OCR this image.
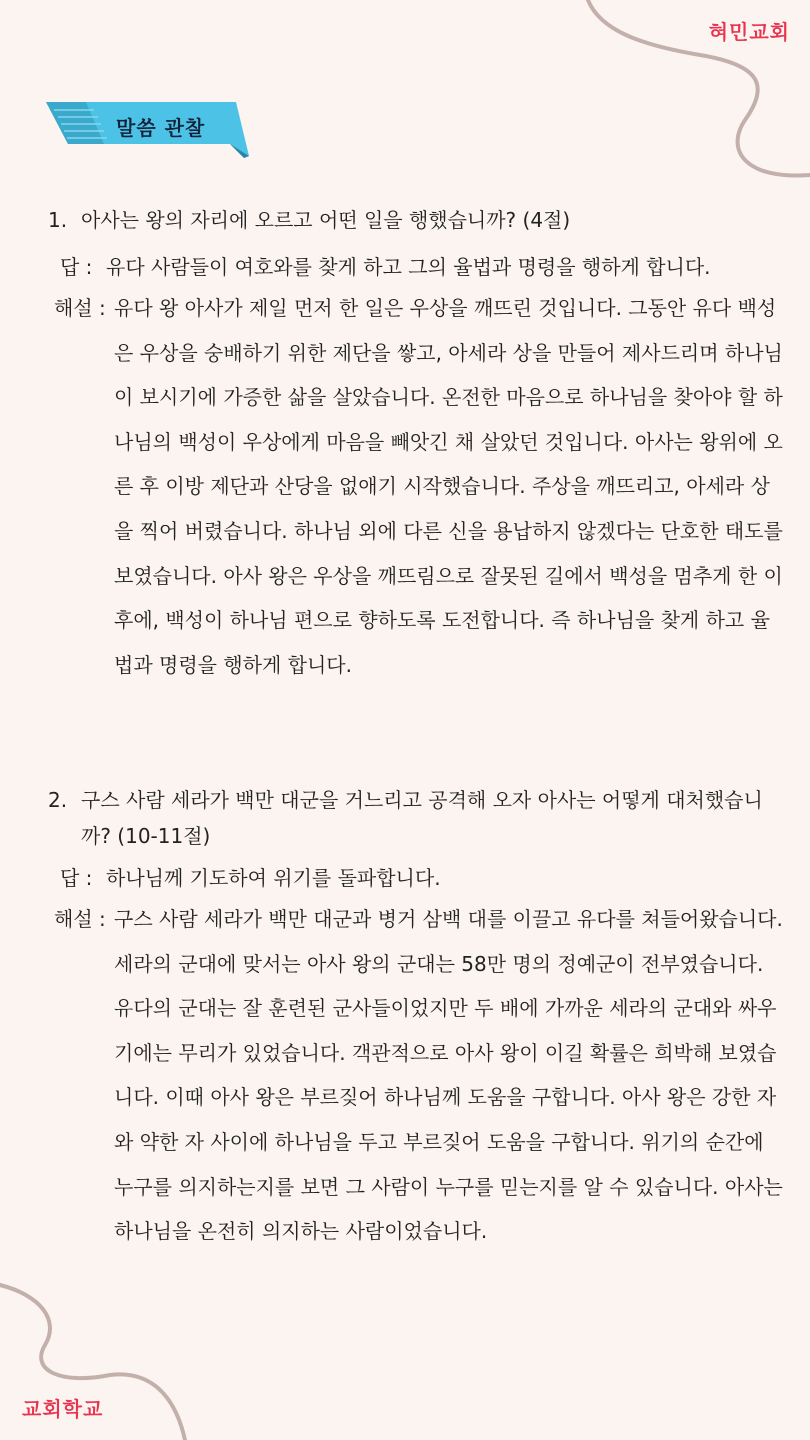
혀민교회
교회학교
말씀 관찰

1. 아사는 왕의 자리에 오르고 어떤 일을 행했습니까? (4절)

답 : 유다 사람들이 여호와를 찾게 하고 그의 율법과 명령을 행하게 합니다.

해설 : 유다 왕 아사가 제일 먼저 한 일은 우상을 깨뜨린 것입니다. 그동안 유다 백성은 우상을 숭배하기 위한 제단을 쌓고, 아세라 상을 만들어 제사드리며 하나님이 보시기에 가증한 삶을 살았습니다. 온전한 마음으로 하나님을 찾아야 할 하나님의 백성이 우상에게 마음을 빼앗긴 채 살았던 것입니다. 아사는 왕위에 오른 후 이방 제단과 산당을 없애기 시작했습니다. 주상을 깨뜨리고, 아세라 상을 찍어 버렸습니다. 하나님 외에 다른 신을 용납하지 않겠다는 단호한 태도를 보였습니다. 아사 왕은 우상을 깨뜨림으로 잘못된 길에서 백성을 멈추게 한 이후에, 백성이 하나님 편으로 향하도록 도전합니다. 즉 하나님을 찾게 하고 율법과 명령을 행하게 합니다.

2. 구스 사람 세라가 백만 대군을 거느리고 공격해 오자 아사는 어떻게 대처했습니까? (10-11절)

답 : 하나님께 기도하여 위기를 돌파합니다.

해설 : 구스 사람 세라가 백만 대군과 병거 삼백 대를 이끌고 유다를 쳐들어왔습니다. 세라의 군대에 맞서는 아사 왕의 군대는 58만 명의 정예군이 전부였습니다. 유다의 군대는 잘 훈련된 군사들이었지만 두 배에 가까운 세라의 군대와 싸우기에는 무리가 있었습니다. 객관적으로 아사 왕이 이길 확률은 희박해 보였습니다. 이때 아사 왕은 부르짖어 하나님께 도움을 구합니다. 아사 왕은 강한 자와 약한 자 사이에 하나님을 두고 부르짖어 도움을 구합니다. 위기의 순간에 누구를 의지하는지를 보면 그 사람이 누구를 믿는지를 알 수 있습니다. 아사는 하나님을 온전히 의지하는 사람이었습니다.
